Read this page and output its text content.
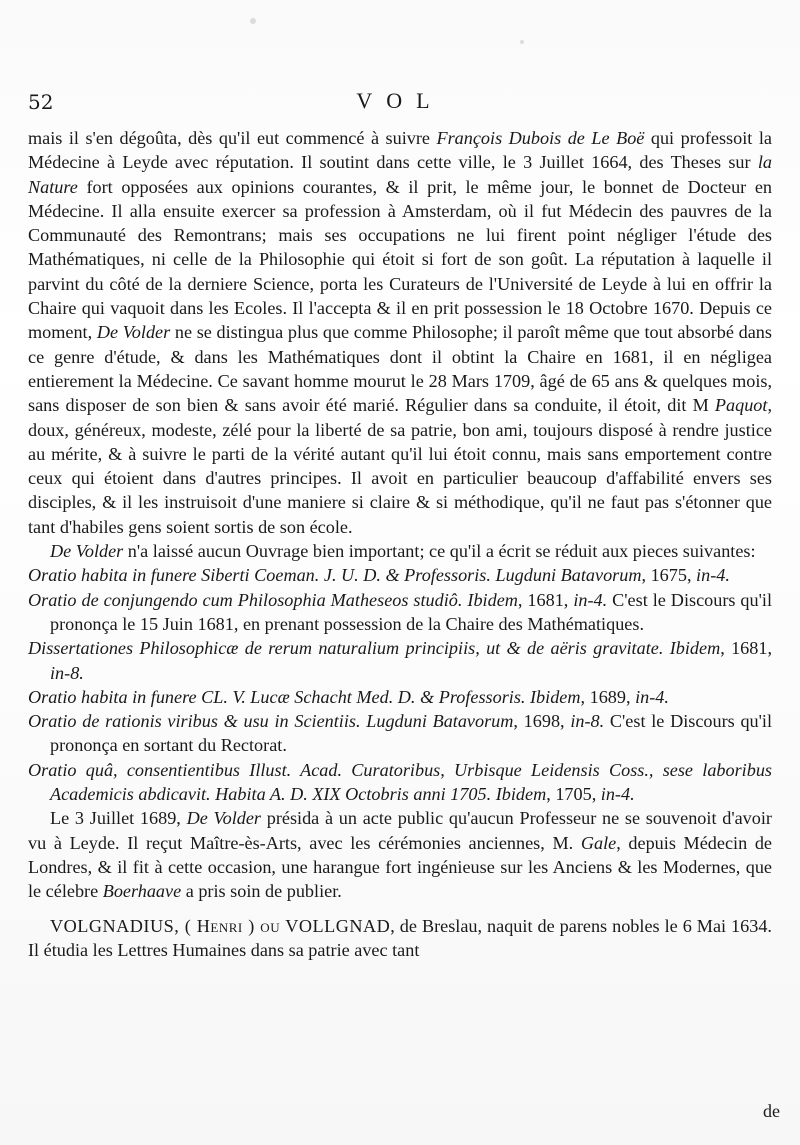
52	VOL

mais il s'en dégoûta, dès qu'il eut commencé à suivre François Dubois de Le Boë qui professoit la Médecine à Leyde avec réputation. Il soutint dans cette ville, le 3 Juillet 1664, des Theses sur la Nature fort opposées aux opinions courantes, & il prit, le même jour, le bonnet de Docteur en Médecine. Il alla ensuite exercer sa profession à Amsterdam, où il fut Médecin des pauvres de la Communauté des Remontrans; mais ses occupations ne lui firent point négliger l'étude des Mathématiques, ni celle de la Philosophie qui étoit si fort de son goût. La réputation à laquelle il parvint du côté de la derniere Science, porta les Curateurs de l'Université de Leyde à lui en offrir la Chaire qui vaquoit dans les Ecoles. Il l'accepta & il en prit possession le 18 Octobre 1670. Depuis ce moment, De Volder ne se distingua plus que comme Philosophe; il paroît même que tout absorbé dans ce genre d'étude, & dans les Mathématiques dont il obtint la Chaire en 1681, il en négligea entierement la Médecine. Ce savant homme mourut le 28 Mars 1709, âgé de 65 ans & quelques mois, sans disposer de son bien & sans avoir été marié. Régulier dans sa conduite, il étoit, dit M Paquot, doux, généreux, modeste, zélé pour la liberté de sa patrie, bon ami, toujours disposé à rendre justice au mérite, & à suivre le parti de la vérité autant qu'il lui étoit connu, mais sans emportement contre ceux qui étoient dans d'autres principes. Il avoit en particulier beaucoup d'affabilité envers ses disciples, & il les instruisoit d'une maniere si claire & si méthodique, qu'il ne faut pas s'étonner que tant d'habiles gens soient sortis de son école.

De Volder n'a laissé aucun Ouvrage bien important; ce qu'il a écrit se réduit aux pieces suivantes:

Oratio habita in funere Siberti Coeman. J. U. D. & Professoris. Lugduni Batavorum, 1675, in-4.

Oratio de conjungendo cum Philosophia Matheseos studiô. Ibidem, 1681, in-4. C'est le Discours qu'il prononça le 15 Juin 1681, en prenant possession de la Chaire des Mathématiques.

Dissertationes Philosophicæ de rerum naturalium principiis, ut & de aëris gravitate. Ibidem, 1681, in-8.

Oratio habita in funere CL. V. Lucæ Schacht Med. D. & Professoris. Ibidem, 1689, in-4.

Oratio de rationis viribus & usu in Scientiis. Lugduni Batavorum, 1698, in-8. C'est le Discours qu'il prononça en sortant du Rectorat.

Oratio quâ, consentientibus Illust. Acad. Curatoribus, Urbisque Leidensis Coss., sese laboribus Academicis abdicavit. Habita A. D. XIX Octobris anni 1705. Ibidem, 1705, in-4.

Le 3 Juillet 1689, De Volder présida à un acte public qu'aucun Professeur ne se souvenoit d'avoir vu à Leyde. Il reçut Maître-ès-Arts, avec les cérémonies anciennes, M. Gale, depuis Médecin de Londres, & il fit à cette occasion, une harangue fort ingénieuse sur les Anciens & les Modernes, que le célebre Boerhaave a pris soin de publier.

VOLGNADIUS, ( Henri ) ou VOLLGNAD, de Breslau, naquit de parens nobles le 6 Mai 1634. Il étudia les Lettres Humaines dans sa patrie avec tant

de
